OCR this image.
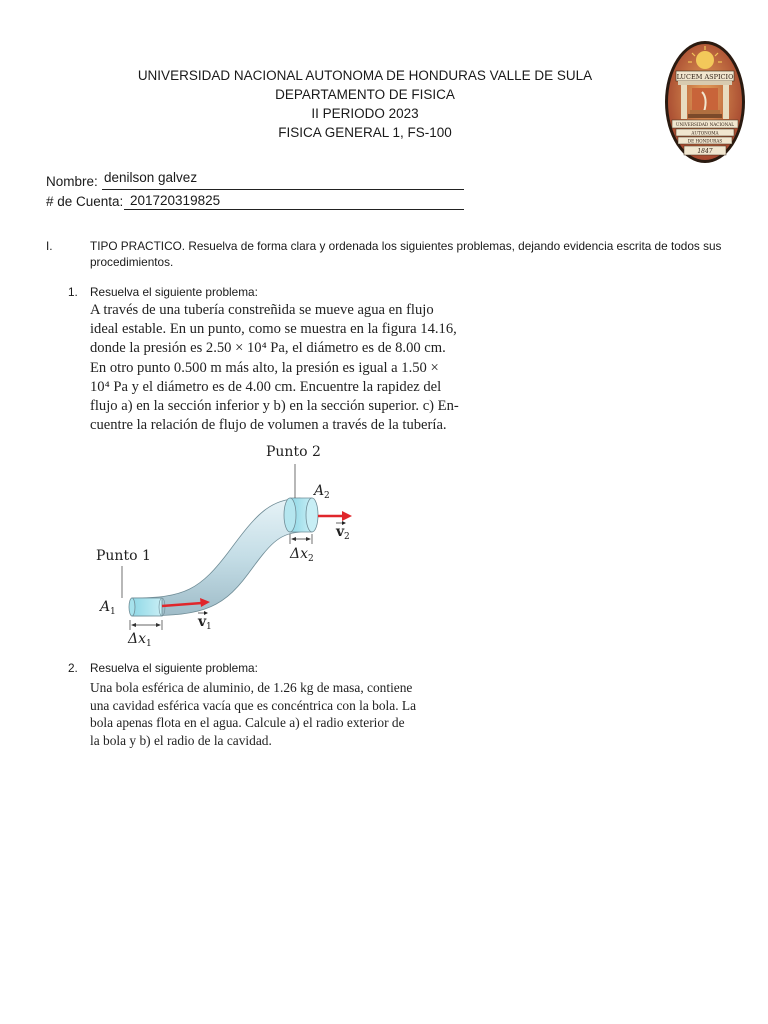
UNIVERSIDAD NACIONAL AUTONOMA DE HONDURAS VALLE DE SULA
DEPARTAMENTO DE FISICA
II PERIODO 2023
FISICA GENERAL 1, FS-100
LUCEM ASPICIO
UNIVERSIDAD NACIONAL
AUTONOMA
DE HONDURAS
1847
Nombre: denilson galvez
# de Cuenta: 201720319825
I.	TIPO PRACTICO. Resuelva de forma clara y ordenada los siguientes problemas, dejando evidencia escrita de todos sus procedimientos.
1. Resuelva el siguiente problema:
A través de una tubería constreñida se mueve agua en flujo
ideal estable. En un punto, como se muestra en la figura 14.16,
donde la presión es 2.50 × 10⁴ Pa, el diámetro es de 8.00 cm.
En otro punto 0.500 m más alto, la presión es igual a 1.50 ×
10⁴ Pa y el diámetro es de 4.00 cm. Encuentre la rapidez del
flujo a) en la sección inferior y b) en la sección superior. c) En-
cuentre la relación de flujo de volumen a través de la tubería.
Punto 1
Punto 2
A 1
A 2
v 1
v 2
Δx 1
Δx 2
2. Resuelva el siguiente problema:
Una bola esférica de aluminio, de 1.26 kg de masa, contiene
una cavidad esférica vacía que es concéntrica con la bola. La
bola apenas flota en el agua. Calcule a) el radio exterior de
la bola y b) el radio de la cavidad.
